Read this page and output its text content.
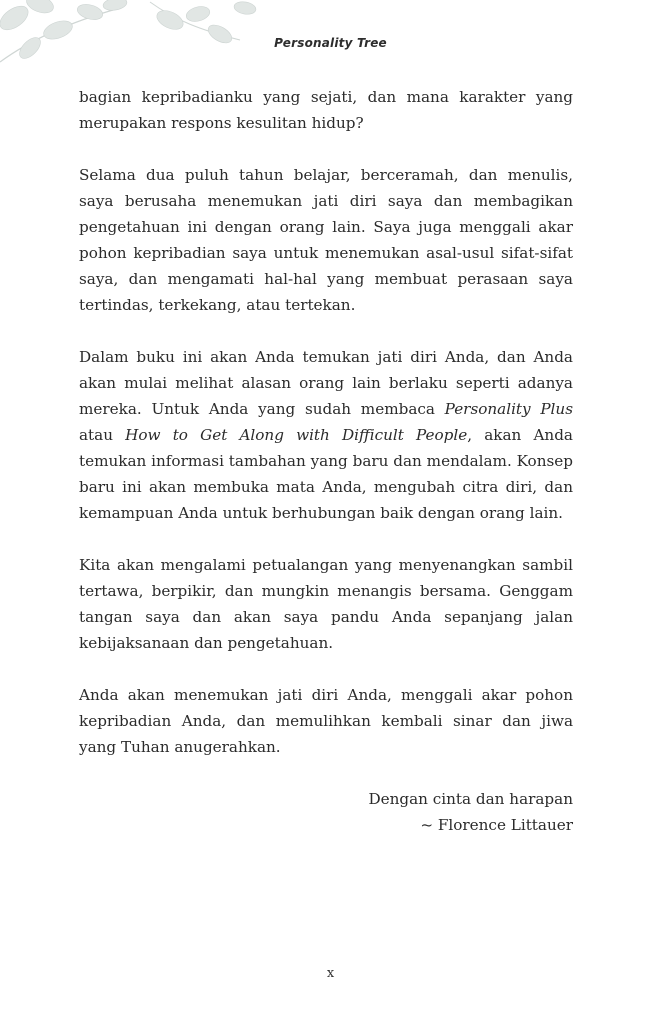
Personality Tree

bagian kepribadianku yang sejati, dan mana karakter yang merupakan respons kesulitan hidup?

Selama dua puluh tahun belajar, berceramah, dan menulis, saya berusaha menemukan jati diri saya dan membagikan pengetahuan ini dengan orang lain. Saya juga menggali akar pohon kepribadian saya untuk menemukan asal-usul sifat-sifat saya, dan mengamati hal-hal yang membuat perasaan saya tertindas, terkekang, atau tertekan.

Dalam buku ini akan Anda temukan jati diri Anda, dan Anda akan mulai melihat alasan orang lain berlaku seperti adanya mereka. Untuk Anda yang sudah membaca Personality Plus atau How to Get Along with Difficult People, akan Anda temukan informasi tambahan yang baru dan mendalam. Konsep baru ini akan membuka mata Anda, mengubah citra diri, dan kemampuan Anda untuk berhubungan baik dengan orang lain.

Kita akan mengalami petualangan yang menyenangkan sambil tertawa, berpikir, dan mungkin menangis bersama. Genggam tangan saya dan akan saya pandu Anda sepanjang jalan kebijaksanaan dan pengetahuan.

Anda akan menemukan jati diri Anda, menggali akar pohon kepribadian Anda, dan memulihkan kembali sinar dan jiwa yang Tuhan anugerahkan.

Dengan cinta dan harapan
~ Florence Littauer
x
